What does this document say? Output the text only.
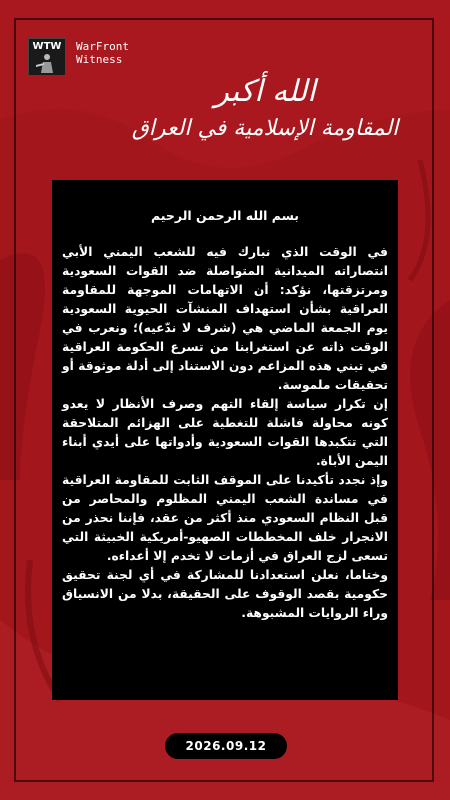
WTW WarFront
Witness
الله أكبر
المقاومة الإسلامية في العراق
بسم الله الرحمن الرحيم

في الوقت الذي نبارك فيه للشعب اليمني الأبي انتصاراته الميدانية المتواصلة ضد القوات السعودية ومرتزقتها، نؤكد: أن الاتهامات الموجهة للمقاومة العراقية بشأن استهداف المنشآت الحيوية السعودية يوم الجمعة الماضي هي (شرف لا ندّعيه)؛ ونعرب في الوقت ذاته عن استغرابنا من تسرع الحكومة العراقية في تبني هذه المزاعم دون الاستناد إلى أدلة موثوقة أو تحقيقات ملموسة.

إن تكرار سياسة إلقاء التهم وصرف الأنظار لا يعدو كونه محاولة فاشلة للتغطية على الهزائم المتلاحقة التي تتكبدها القوات السعودية وأدواتها على أيدي أبناء اليمن الأباة.

وإذ نجدد تأكيدنا على الموقف الثابت للمقاومة العراقية في مساندة الشعب اليمني المظلوم والمحاصر من قبل النظام السعودي منذ أكثر من عقد، فإننا نحذر من الانجرار خلف المخططات الصهيو-أمريكية الخبيثة التي تسعى لزج العراق في أزمات لا تخدم إلا أعداءه.

وختاما، نعلن استعدادنا للمشاركة في أي لجنة تحقيق حكومية بقصد الوقوف على الحقيقة، بدلا من الانسياق وراء الروايات المشبوهة.

2026.09.12
